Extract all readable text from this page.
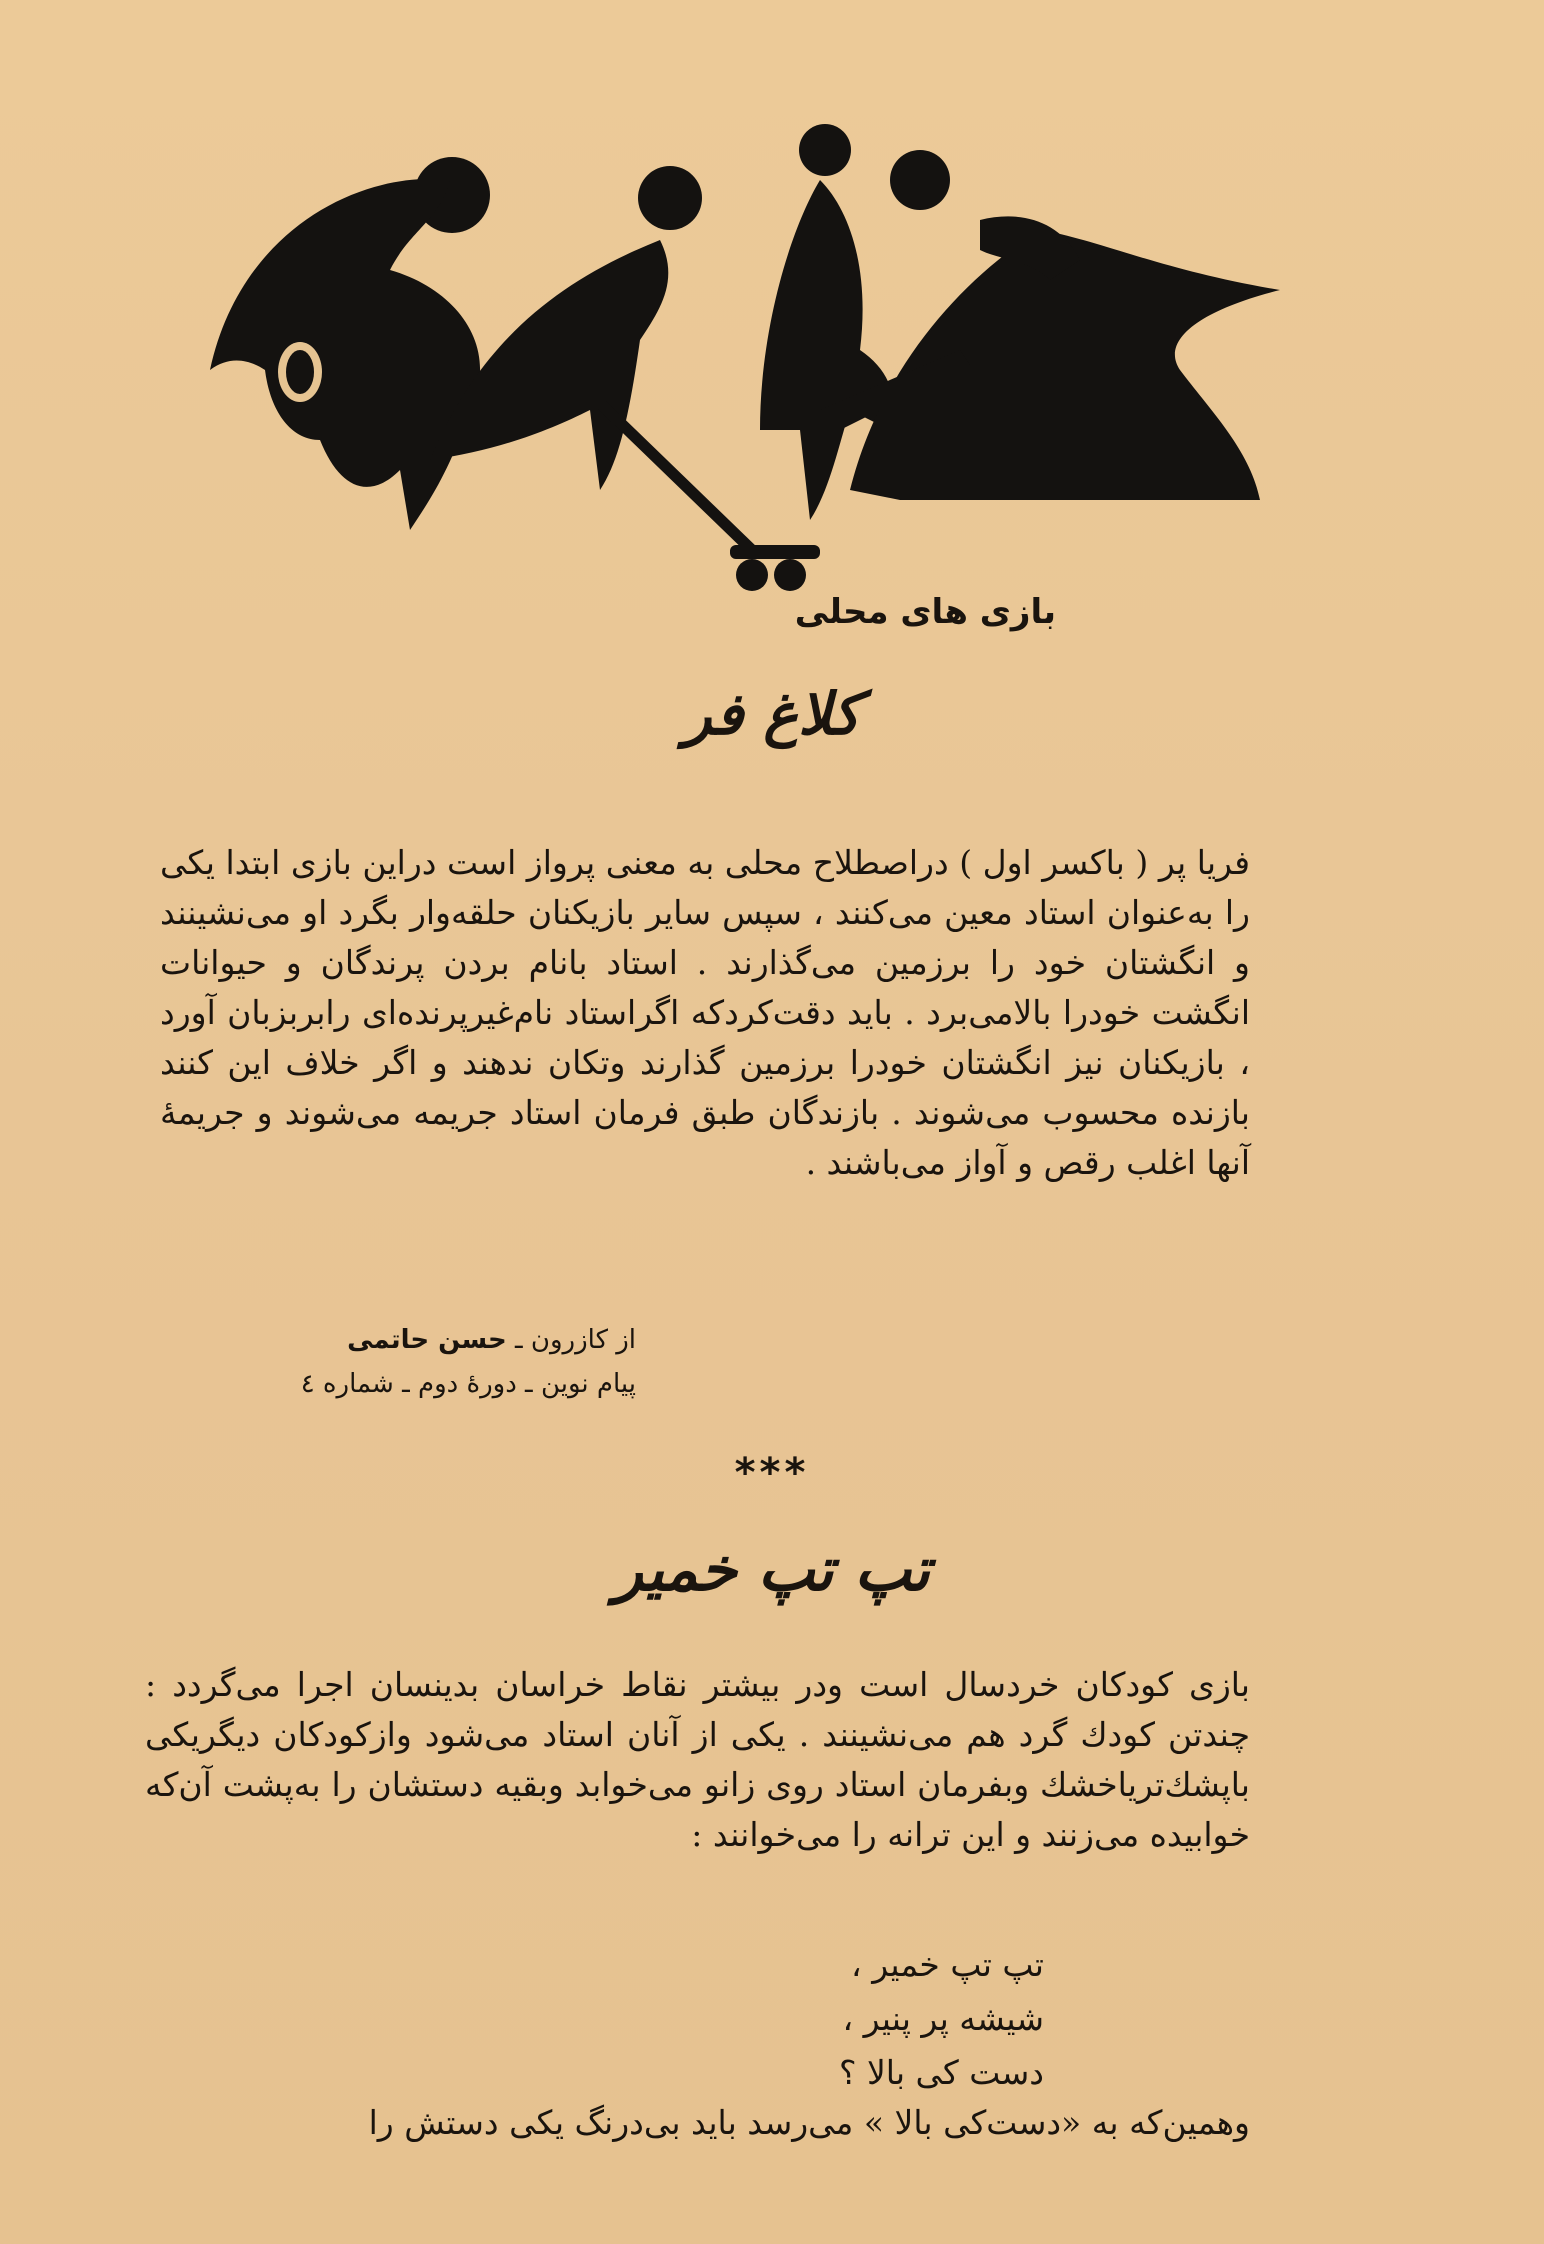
بازی های محلی
کلاغ فر

فریا پر ( باکسر اول ) دراصطلاح محلی به معنی پرواز است دراین بازی ابتدا یکی را به‌عنوان استاد معین می‌کنند ، سپس سایر بازیکنان حلقه‌وار بگرد او می‌نشینند و انگشتان خود را برزمین می‌گذارند . استاد بانام بردن پرندگان و حیوانات انگشت خودرا بالامی‌برد . باید دقت‌کردکه اگراستاد نام‌غیرپرنده‌ای رابربزبان آورد ، بازیکنان نیز انگشتان خودرا برزمین گذارند وتکان ندهند و اگر خلاف این کنند بازنده محسوب می‌شوند . بازندگان طبق فرمان استاد جریمه می‌شوند و جریمهٔ آنها اغلب رقص و آواز می‌باشند .

از کازرون ـ حسن حاتمی
پیام نوین ـ دورهٔ دوم ـ شماره ٤
***
تپ تپ خمیر

بازی کودکان خردسال است ودر بیشتر نقاط خراسان بدینسان اجرا می‌گردد : چندتن کودك گرد هم می‌نشینند . یکی از آنان استاد می‌شود وازکودکان دیگریکی باپشك‌ترياخشك وبفرمان استاد روی زانو می‌خوابد وبقیه دستشان را به‌پشت آن‌که خوابیده می‌زنند و این ترانه را می‌خوانند :

تپ تپ خمیر ،
شیشه پر پنیر ،
دست کی بالا ؟

وهمین‌که به «دست‌کی بالا » می‌رسد باید بی‌درنگ یکی دستش را
